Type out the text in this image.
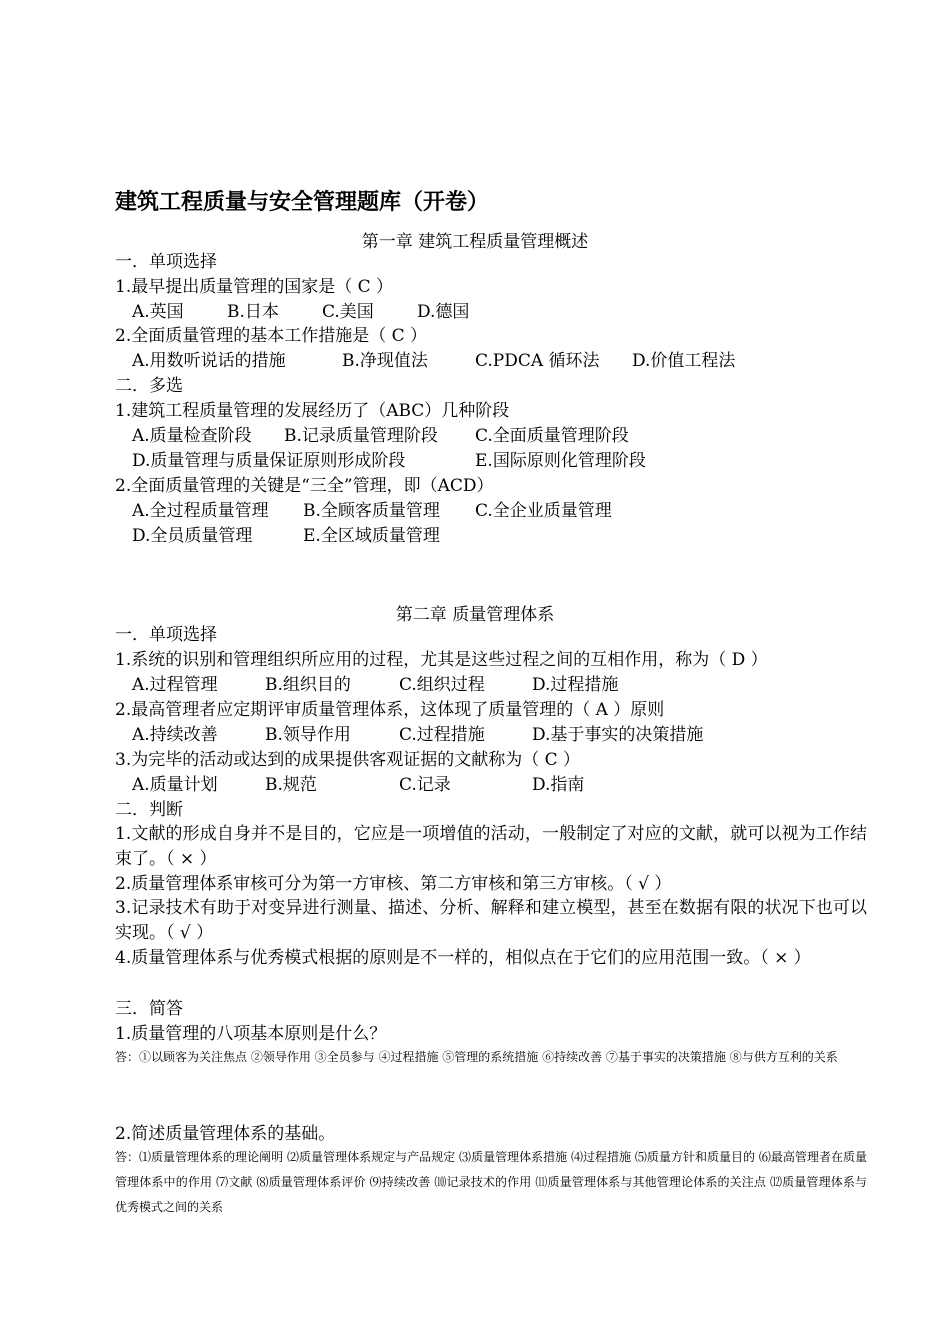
建筑工程质量与安全管理题库（开卷）
第一章 建筑工程质量管理概述
一．单项选择
1.最早提出质量管理的国家是（ C ）
A.英国	B.日本	C.美国	D.德国
2.全面质量管理的基本工作措施是（ C ）
A.用数听说话的措施	B.净现值法	C.PDCA 循环法 D.价值工程法
二．多选
1.建筑工程质量管理的发展经历了（ABC）几种阶段
A.质量检查阶段 B.记录质量管理阶段 C.全面质量管理阶段
D.质量管理与质量保证原则形成阶段	E.国际原则化管理阶段
2.全面质量管理的关键是“三全”管理，即（ACD）
A.全过程质量管理 B.全顾客质量管理 C.全企业质量管理
D.全员质量管理	E.全区域质量管理
第二章 质量管理体系
一．单项选择
1.系统的识别和管理组织所应用的过程，尤其是这些过程之间的互相作用，称为（ D ）
A.过程管理	B.组织目的	C.组织过程	D.过程措施
2.最高管理者应定期评审质量管理体系，这体现了质量管理的（ A ）原则
A.持续改善	B.领导作用	C.过程措施	D.基于事实的决策措施
3.为完毕的活动或达到的成果提供客观证据的文献称为（ C ）
A.质量计划	B.规范	C.记录	D.指南
二．判断
1.文献的形成自身并不是目的，它应是一项增值的活动，一般制定了对应的文献，就可以视为工作结束了。（ × ）
2.质量管理体系审核可分为第一方审核、第二方审核和第三方审核。（ √ ）
3.记录技术有助于对变异进行测量、描述、分析、解释和建立模型，甚至在数据有限的状况下也可以实现。（ √ ）
4.质量管理体系与优秀模式根据的原则是不一样的，相似点在于它们的应用范围一致。（ × ）
三．简答
1.质量管理的八项基本原则是什么？
答：①以顾客为关注焦点 ②领导作用 ③全员参与 ④过程措施 ⑤管理的系统措施 ⑥持续改善 ⑦基于事实的决策措施 ⑧与供方互利的关系
2.简述质量管理体系的基础。
答：⑴质量管理体系的理论阐明 ⑵质量管理体系规定与产品规定 ⑶质量管理体系措施 ⑷过程措施 ⑸质量方针和质量目的 ⑹最高管理者在质量管理体系中的作用 ⑺文献 ⑻质量管理体系评价 ⑼持续改善 ⑽记录技术的作用 ⑾质量管理体系与其他管理论体系的关注点 ⑿质量管理体系与优秀模式之间的关系
